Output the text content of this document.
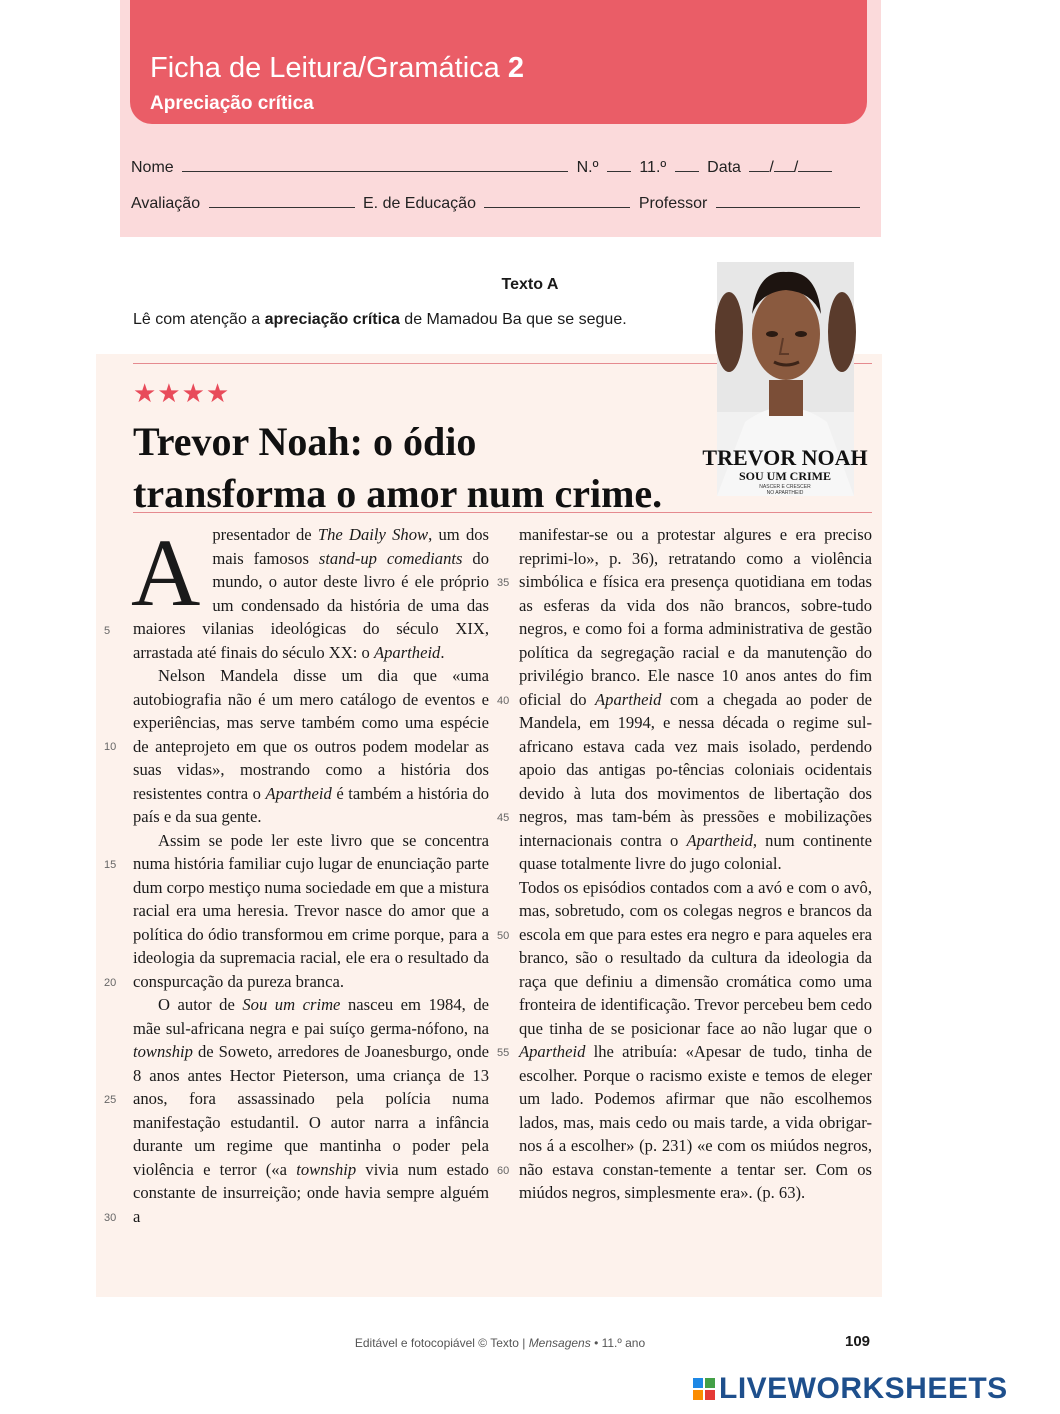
Ficha de Leitura/Gramática 2
Apreciação crítica
Nome	N.º	11.º	Data / /
Avaliação	E. de Educação	Professor
Texto A
Lê com atenção a apreciação crítica de Mamadou Ba que se segue.
TREVOR NOAH
SOU UM CRIME
NASCER E CRESCER
NO APARTHEID
★★★★
Trevor Noah: o ódio
transforma o amor num crime.

Apresentador de The Daily Show, um dos mais famosos stand-up comediants do mundo, o autor deste livro é ele próprio um condensado da história de uma das maiores vilanias ideológicas do século XIX, arrastada até finais do século XX: o Apartheid.

Nelson Mandela disse um dia que «uma autobiografia não é um mero catálogo de eventos e experiências, mas serve também como uma espécie de anteprojeto em que os outros podem modelar as suas vidas», mostrando como a história dos resistentes contra o Apartheid é também a história do país e da sua gente.

Assim se pode ler este livro que se concentra numa história familiar cujo lugar de enunciação parte dum corpo mestiço numa sociedade em que a mistura racial era uma heresia. Trevor nasce do amor que a política do ódio transformou em crime porque, para a ideologia da supremacia racial, ele era o resultado da conspurcação da pureza branca.

O autor de Sou um crime nasceu em 1984, de mãe sul-africana negra e pai suíço germa-nófono, na township de Soweto, arredores de Joanesburgo, onde 8 anos antes Hector Pieterson, uma criança de 13 anos, fora assassinado pela polícia numa manifestação estudantil. O autor narra a infância durante um regime que mantinha o poder pela violência e terror («a township vivia num estado constante de insurreição; onde havia sempre alguém a

manifestar-se ou a protestar algures e era preciso reprimi-lo», p. 36), retratando como a violência simbólica e física era presença quotidiana em todas as esferas da vida dos não brancos, sobre-tudo negros, e como foi a forma administrativa de gestão política da segregação racial e da manutenção do privilégio branco. Ele nasce 10 anos antes do fim oficial do Apartheid com a chegada ao poder de Mandela, em 1994, e nessa década o regime sul-africano estava cada vez mais isolado, perdendo apoio das antigas po-tências coloniais ocidentais devido à luta dos movimentos de libertação dos negros, mas tam-bém às pressões e mobilizações internacionais contra o Apartheid, num continente quase totalmente livre do jugo colonial.

Todos os episódios contados com a avó e com o avô, mas, sobretudo, com os colegas negros e brancos da escola em que para estes era negro e para aqueles era branco, são o resultado da cultura da ideologia da raça que definiu a dimensão cromática como uma fronteira de identificação. Trevor percebeu bem cedo que tinha de se posicionar face ao não lugar que o Apartheid lhe atribuía: «Apesar de tudo, tinha de escolher. Porque o racismo existe e temos de eleger um lado. Podemos afirmar que não escolhemos lados, mas, mais cedo ou mais tarde, a vida obrigar-nos á a escolher» (p. 231) «e com os miúdos negros, não estava constan-temente a tentar ser. Com os miúdos negros, simplesmente era». (p. 63).

5
10
15
20
25
30
35
40
45
50
55
60
Editável e fotocopiável © Texto | Mensagens • 11.º ano	109
LIVEWORKSHEETS
